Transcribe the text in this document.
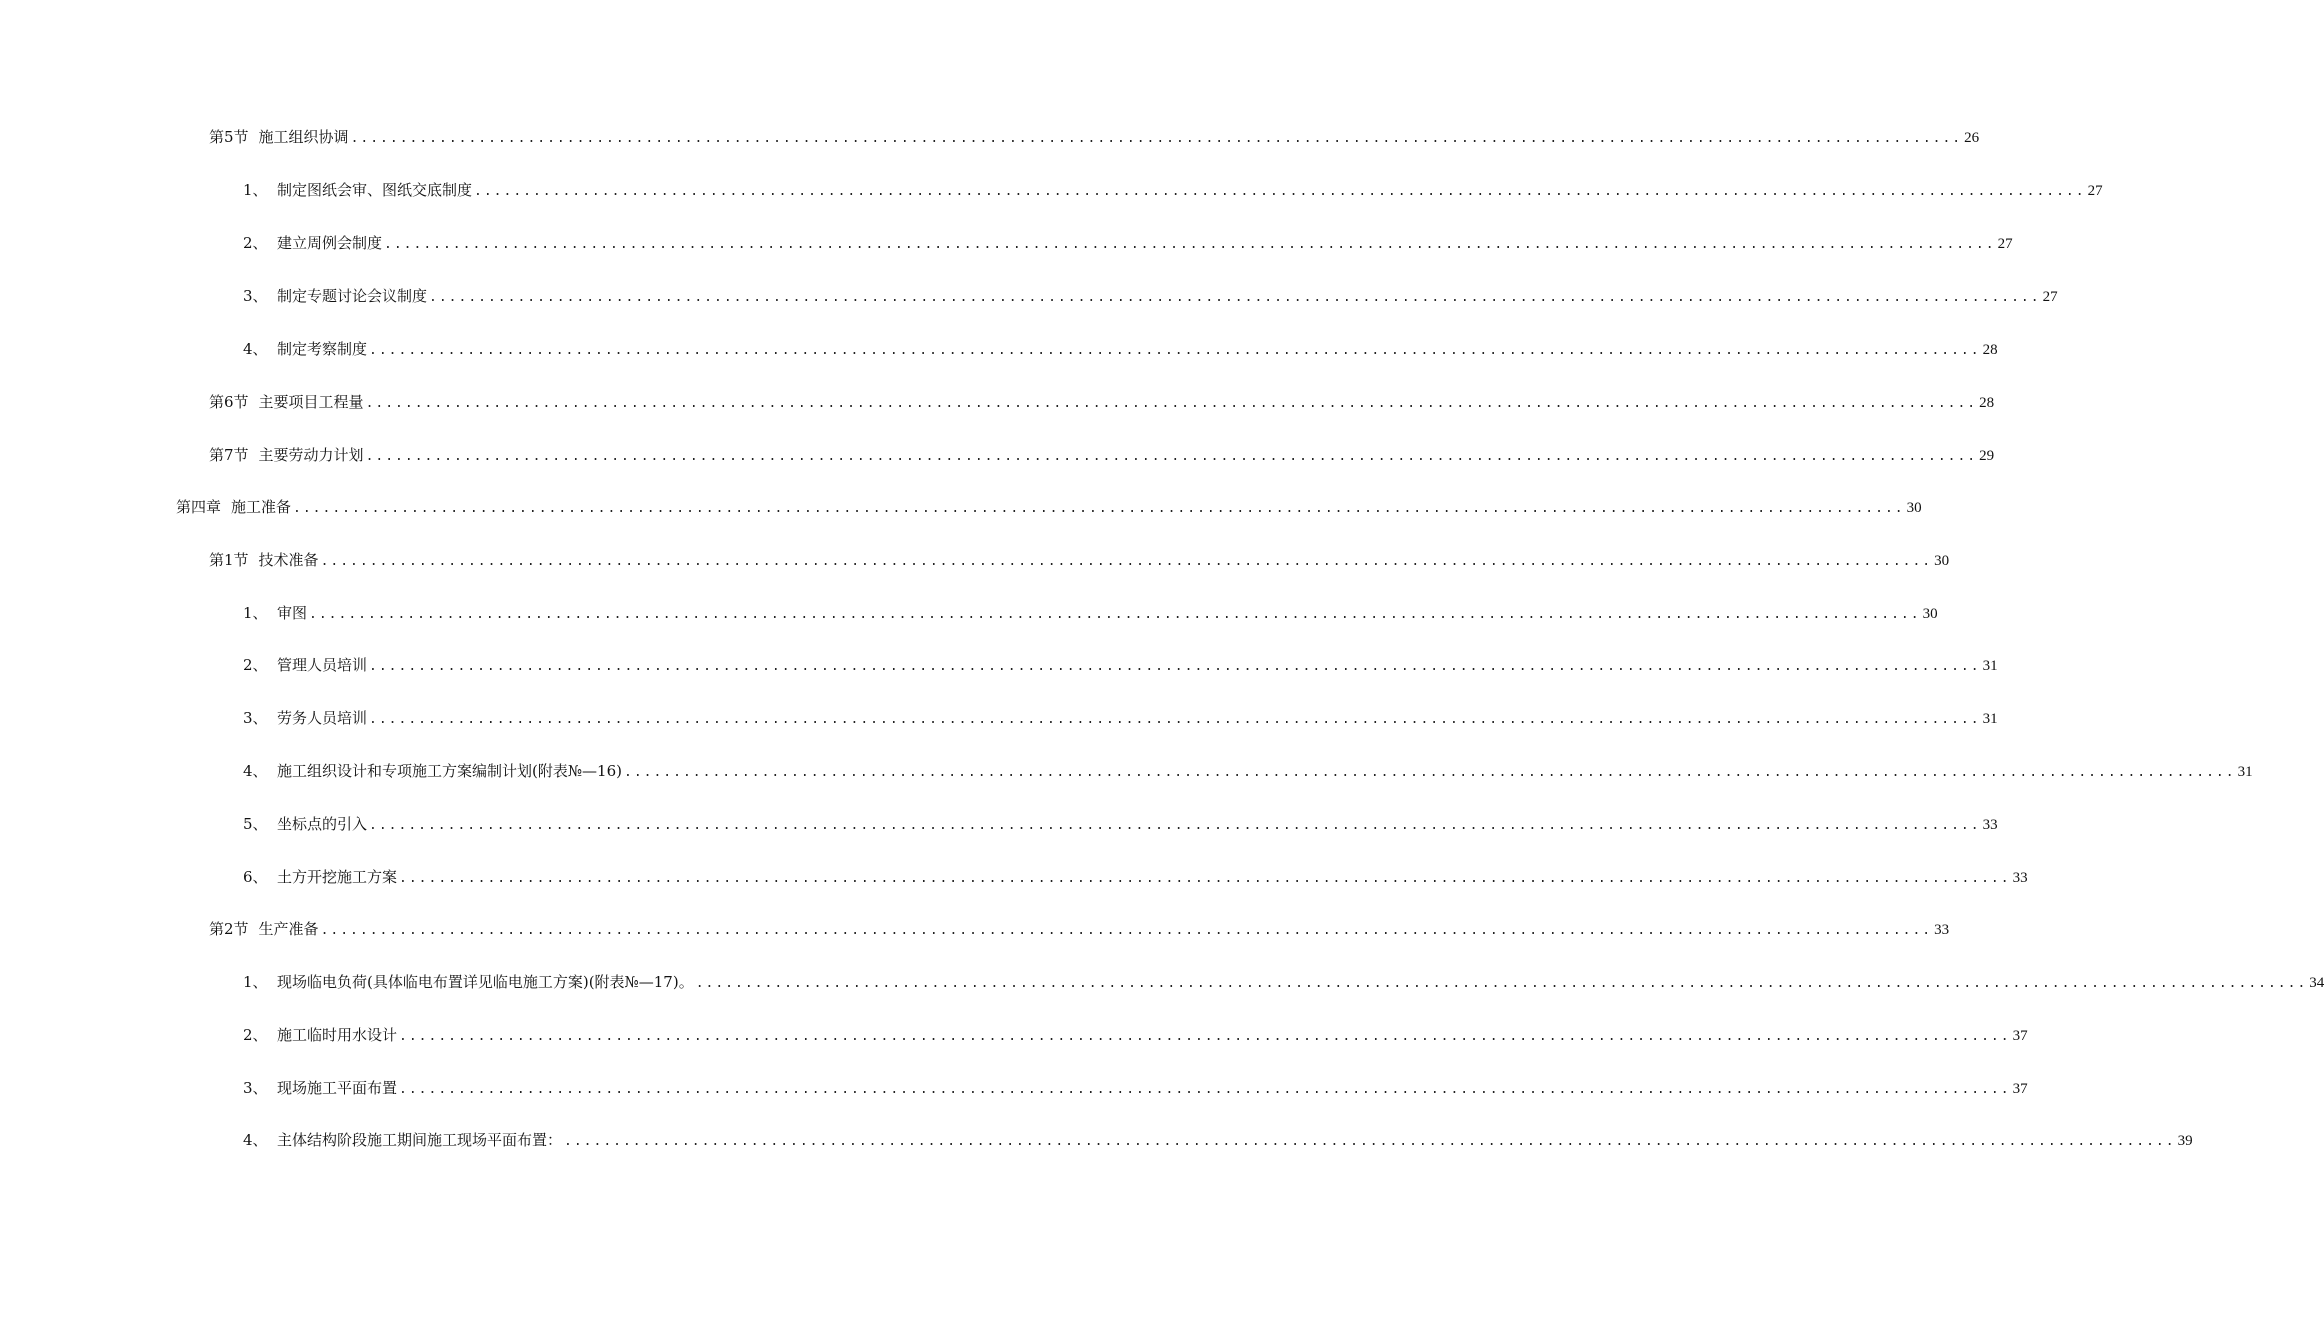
第5节 施工组织协调 .................................................................................................................................................................... 26
1、 制定图纸会审、图纸交底制度 .................................................................................................................................................................... 27
2、 建立周例会制度 .................................................................................................................................................................... 27
3、 制定专题讨论会议制度 .................................................................................................................................................................... 27
4、 制定考察制度 .................................................................................................................................................................... 28
第6节 主要项目工程量 .................................................................................................................................................................... 28
第7节 主要劳动力计划 .................................................................................................................................................................... 29
第四章 施工准备 .................................................................................................................................................................... 30
第1节 技术准备 .................................................................................................................................................................... 30
1、 审图 .................................................................................................................................................................... 30
2、 管理人员培训 .................................................................................................................................................................... 31
3、 劳务人员培训 .................................................................................................................................................................... 31
4、 施工组织设计和专项施工方案编制计划(附表№—16) .................................................................................................................................................................... 31
5、 坐标点的引入 .................................................................................................................................................................... 33
6、 土方开挖施工方案 .................................................................................................................................................................... 33
第2节 生产准备 .................................................................................................................................................................... 33
1、 现场临电负荷(具体临电布置详见临电施工方案)(附表№—17)。 .................................................................................................................................................................... 34
2、 施工临时用水设计 .................................................................................................................................................................... 37
3、 现场施工平面布置 .................................................................................................................................................................... 37
4、 主体结构阶段施工期间施工现场平面布置： .................................................................................................................................................................... 39
